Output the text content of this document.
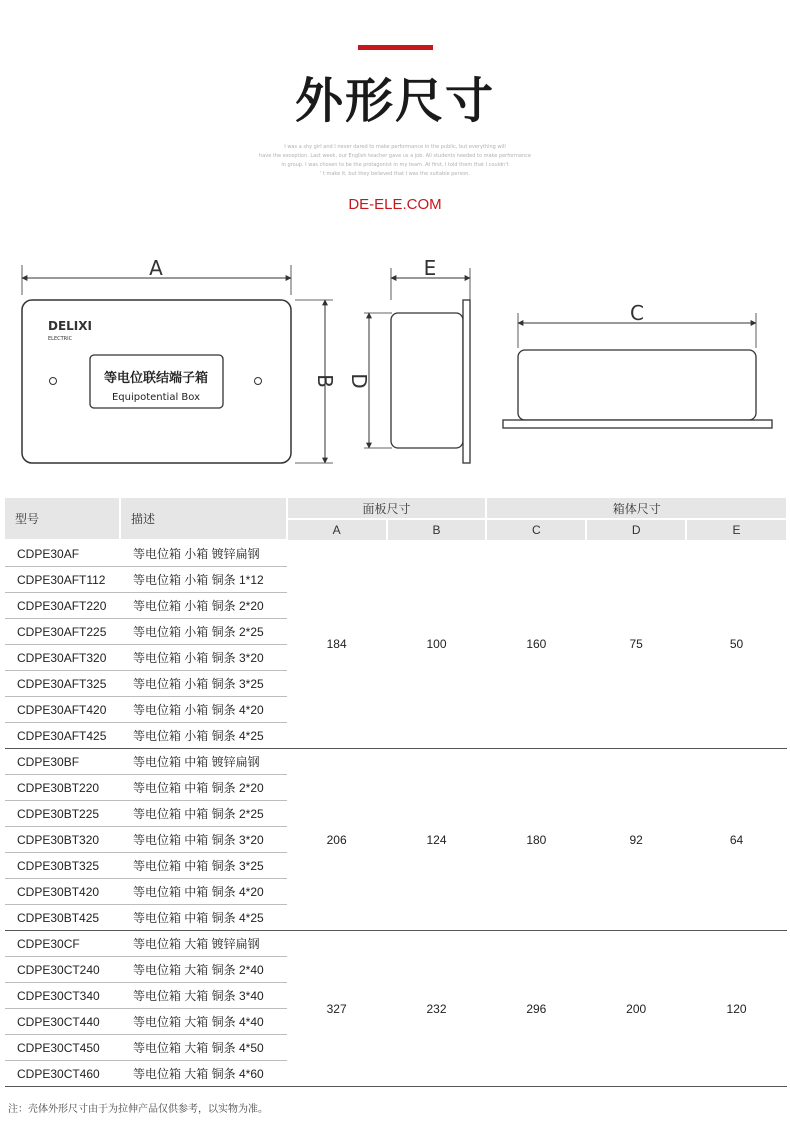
外形尺寸
I was a shy girl and I never dared to make performance in the public, but everything will
have the exception. Last week, our English teacher gave us a job. All students needed to make performance
in group. I was chosen to be the protagonist in my team. At first, I told them that I couldn't
' t make it, but they believed that I was the suitable person.
DE-ELE.COM
A
DELIXI
ELECTRIC
等电位联结端子箱
Equipotential Box
B
E
D
C
型号	描述	面板尺寸		箱体尺寸		
		A	B	C	D	E
CDPE30AF	等电位箱 小箱 镀锌扁钢	184	100	160	75	50
CDPE30AFT112	等电位箱 小箱 铜条 1*12					
CDPE30AFT220	等电位箱 小箱 铜条 2*20					
CDPE30AFT225	等电位箱 小箱 铜条 2*25					
CDPE30AFT320	等电位箱 小箱 铜条 3*20					
CDPE30AFT325	等电位箱 小箱 铜条 3*25					
CDPE30AFT420	等电位箱 小箱 铜条 4*20					
CDPE30AFT425	等电位箱 小箱 铜条 4*25					
CDPE30BF	等电位箱 中箱 镀锌扁钢	206	124	180	92	64
CDPE30BT220	等电位箱 中箱 铜条 2*20					
CDPE30BT225	等电位箱 中箱 铜条 2*25					
CDPE30BT320	等电位箱 中箱 铜条 3*20					
CDPE30BT325	等电位箱 中箱 铜条 3*25					
CDPE30BT420	等电位箱 中箱 铜条 4*20					
CDPE30BT425	等电位箱 中箱 铜条 4*25					
CDPE30CF	等电位箱 大箱 镀锌扁钢	327	232	296	200	120
CDPE30CT240	等电位箱 大箱 铜条 2*40					
CDPE30CT340	等电位箱 大箱 铜条 3*40					
CDPE30CT440	等电位箱 大箱 铜条 4*40					
CDPE30CT450	等电位箱 大箱 铜条 4*50					
CDPE30CT460	等电位箱 大箱 铜条 4*60					
注：壳体外形尺寸由于为拉伸产品仅供参考，以实物为准。
